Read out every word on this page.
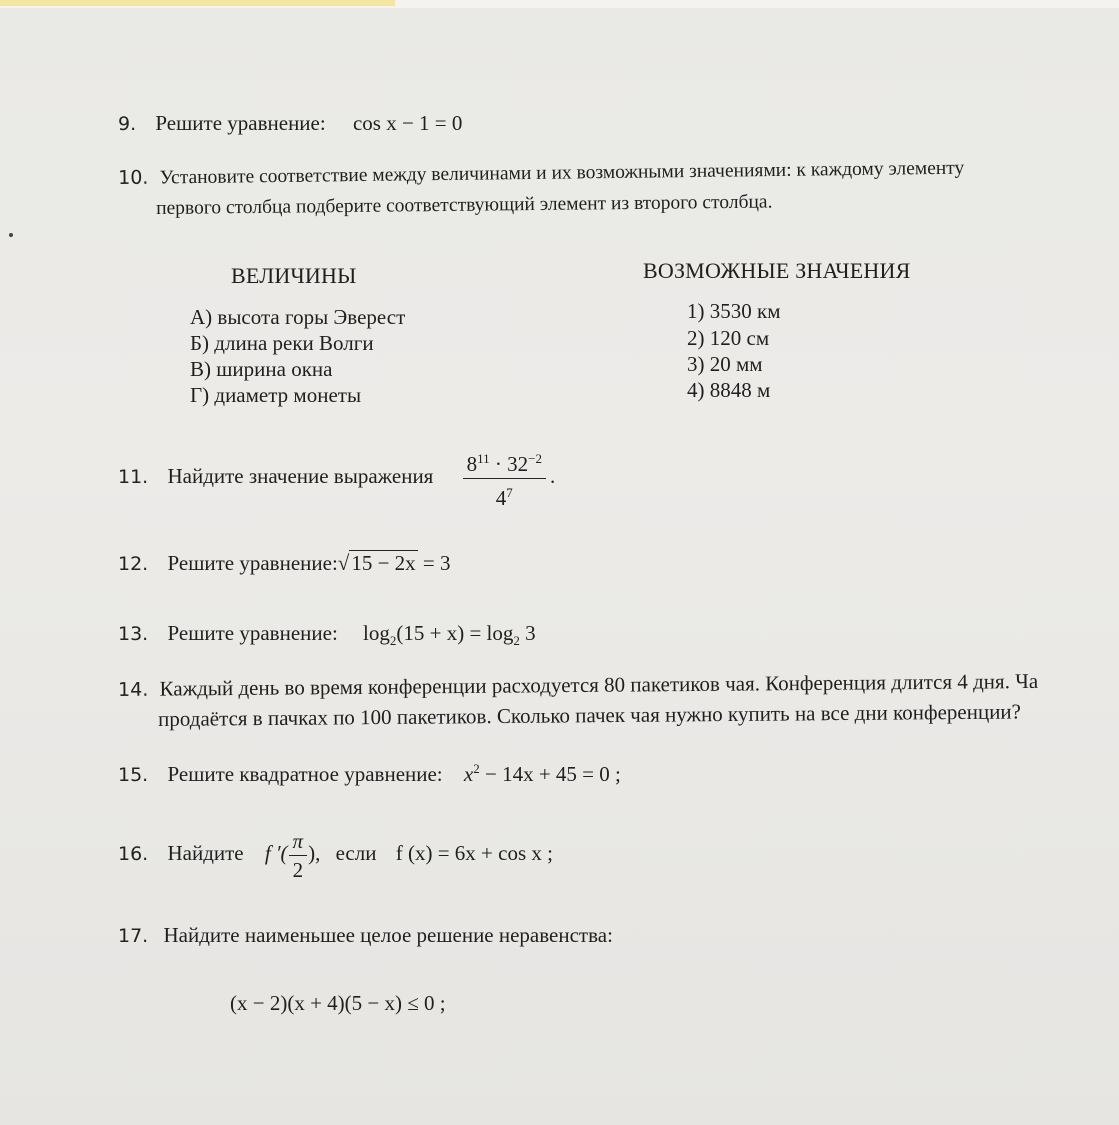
9. Решите уравнение: cos x − 1 = 0
10. Установите соответствие между величинами и их возможными значениями: к каждому элементу
первого столбца подберите соответствующий элемент из второго столбца.
ВЕЛИЧИНЫ	ВОЗМОЖНЫЕ ЗНАЧЕНИЯ
А) высота горы Эверест
Б) длина реки Волги
В) ширина окна
Г) диаметр монеты
1) 3530 км
2) 120 см
3) 20 мм
4) 8848 м
11. Найдите значение выражения $\frac{8^{11} \cdot 32^{-2}}{4^7}$ .
12. Решите уравнение:√15 − 2x = 3
13. Решите уравнение: $\log_2(15 + x) = \log_2 3$
14. Каждый день во время конференции расходуется 80 пакетиков чая. Конференция длится 4 дня. Ча
продаётся в пачках по 100 пакетиков. Сколько пачек чая нужно купить на все дни конференции?
15. Решите квадратное уравнение: $x^2 - 14x + 45 = 0$ ;
16. Найдите f ′( $\frac{\pi}{2}$ ), если f (x) = 6x + cos x ;
17. Найдите наименьшее целое решение неравенства:
(x − 2)(x + 4)(5 − x) ≤ 0 ;
